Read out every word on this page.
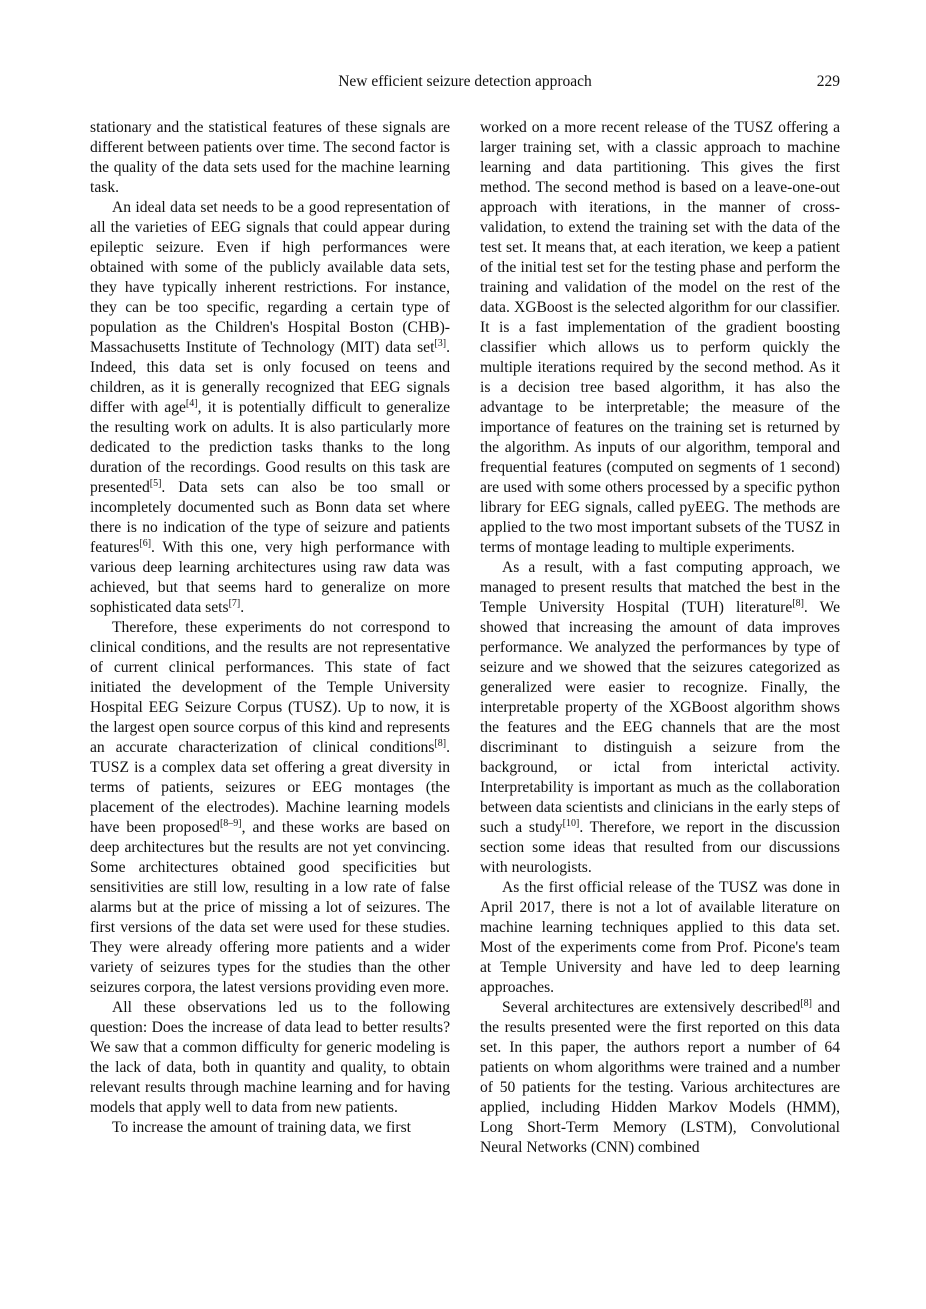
New efficient seizure detection approach	229

stationary and the statistical features of these signals are different between patients over time. The second factor is the quality of the data sets used for the machine learning task.

An ideal data set needs to be a good representation of all the varieties of EEG signals that could appear during epileptic seizure. Even if high performances were obtained with some of the publicly available data sets, they have typically inherent restrictions. For instance, they can be too specific, regarding a certain type of population as the Children's Hospital Boston (CHB)-Massachusetts Institute of Technology (MIT) data set[3]. Indeed, this data set is only focused on teens and children, as it is generally recognized that EEG signals differ with age[4], it is potentially difficult to generalize the resulting work on adults. It is also particularly more dedicated to the prediction tasks thanks to the long duration of the recordings. Good results on this task are presented[5]. Data sets can also be too small or incompletely documented such as Bonn data set where there is no indication of the type of seizure and patients features[6]. With this one, very high performance with various deep learning architectures using raw data was achieved, but that seems hard to generalize on more sophisticated data sets[7].

Therefore, these experiments do not correspond to clinical conditions, and the results are not representative of current clinical performances. This state of fact initiated the development of the Temple University Hospital EEG Seizure Corpus (TUSZ). Up to now, it is the largest open source corpus of this kind and represents an accurate characterization of clinical conditions[8]. TUSZ is a complex data set offering a great diversity in terms of patients, seizures or EEG montages (the placement of the electrodes). Machine learning models have been proposed[8–9], and these works are based on deep architectures but the results are not yet convincing. Some architectures obtained good specificities but sensitivities are still low, resulting in a low rate of false alarms but at the price of missing a lot of seizures. The first versions of the data set were used for these studies. They were already offering more patients and a wider variety of seizures types for the studies than the other seizures corpora, the latest versions providing even more.

All these observations led us to the following question: Does the increase of data lead to better results? We saw that a common difficulty for generic modeling is the lack of data, both in quantity and quality, to obtain relevant results through machine learning and for having models that apply well to data from new patients.

To increase the amount of training data, we first

worked on a more recent release of the TUSZ offering a larger training set, with a classic approach to machine learning and data partitioning. This gives the first method. The second method is based on a leave-one-out approach with iterations, in the manner of cross-validation, to extend the training set with the data of the test set. It means that, at each iteration, we keep a patient of the initial test set for the testing phase and perform the training and validation of the model on the rest of the data. XGBoost is the selected algorithm for our classifier. It is a fast implementation of the gradient boosting classifier which allows us to perform quickly the multiple iterations required by the second method. As it is a decision tree based algorithm, it has also the advantage to be interpretable; the measure of the importance of features on the training set is returned by the algorithm. As inputs of our algorithm, temporal and frequential features (computed on segments of 1 second) are used with some others processed by a specific python library for EEG signals, called pyEEG. The methods are applied to the two most important subsets of the TUSZ in terms of montage leading to multiple experiments.

As a result, with a fast computing approach, we managed to present results that matched the best in the Temple University Hospital (TUH) literature[8]. We showed that increasing the amount of data improves performance. We analyzed the performances by type of seizure and we showed that the seizures categorized as generalized were easier to recognize. Finally, the interpretable property of the XGBoost algorithm shows the features and the EEG channels that are the most discriminant to distinguish a seizure from the background, or ictal from interictal activity. Interpretability is important as much as the collaboration between data scientists and clinicians in the early steps of such a study[10]. Therefore, we report in the discussion section some ideas that resulted from our discussions with neurologists.

As the first official release of the TUSZ was done in April 2017, there is not a lot of available literature on machine learning techniques applied to this data set. Most of the experiments come from Prof. Picone's team at Temple University and have led to deep learning approaches.

Several architectures are extensively described[8] and the results presented were the first reported on this data set. In this paper, the authors report a number of 64 patients on whom algorithms were trained and a number of 50 patients for the testing. Various architectures are applied, including Hidden Markov Models (HMM), Long Short-Term Memory (LSTM), Convolutional Neural Networks (CNN) combined
